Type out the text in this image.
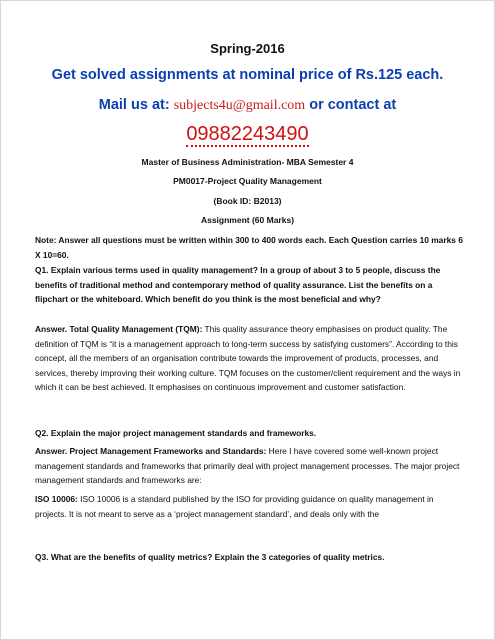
Spring-2016
Get solved assignments at nominal price of Rs.125 each.
Mail us at: subjects4u@gmail.com or contact at
09882243490
Master of Business Administration- MBA Semester 4
PM0017-Project Quality Management
(Book ID: B2013)
Assignment (60 Marks)
Note: Answer all questions must be written within 300 to 400 words each. Each Question carries 10 marks 6 X 10=60.
Q1. Explain various terms used in quality management? In a group of about 3 to 5 people, discuss the benefits of traditional method and contemporary method of quality assurance. List the benefits on a flipchart or the whiteboard. Which benefit do you think is the most beneficial and why?
Answer. Total Quality Management (TQM): This quality assurance theory emphasises on product quality. The definition of TQM is “it is a management approach to long-term success by satisfying customers”. According to this concept, all the members of an organisation contribute towards the improvement of products, processes, and services, thereby improving their working culture. TQM focuses on the customer/client requirement and the ways in which it can be best achieved. It emphasises on continuous improvement and customer satisfaction.
Q2. Explain the major project management standards and frameworks.
Answer. Project Management Frameworks and Standards: Here I have covered some well-known project management standards and frameworks that primarily deal with project management processes. The major project management standards and frameworks are:
ISO 10006: ISO 10006 is a standard published by the ISO for providing guidance on quality management in projects. It is not meant to serve as a ‘project management standard’, and deals only with the
Q3. What are the benefits of quality metrics? Explain the 3 categories of quality metrics.
